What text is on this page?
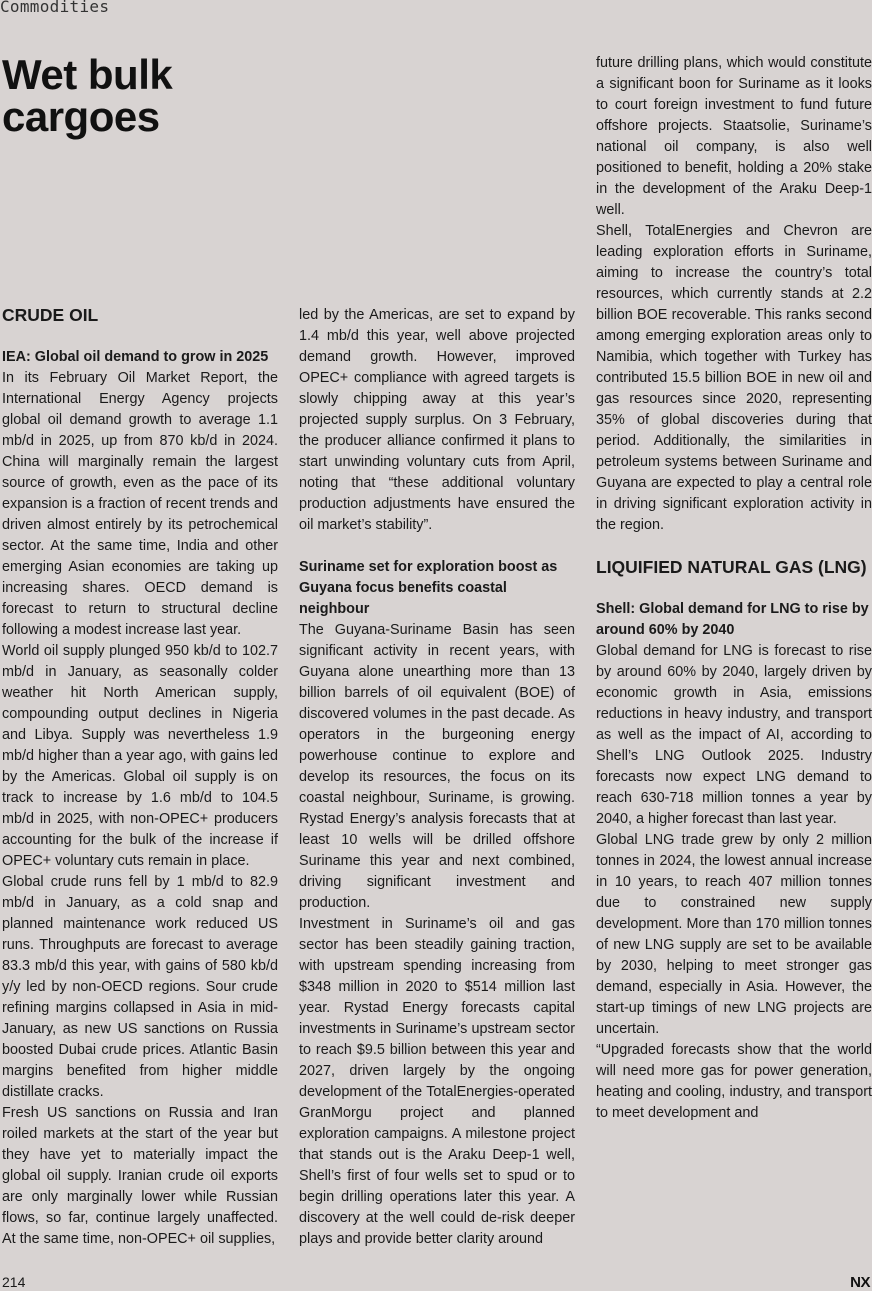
Commodities
Wet bulk
cargoes
CRUDE OIL
IEA: Global oil demand to grow in 2025

In its February Oil Market Report, the International Energy Agency projects global oil demand growth to average 1.1 mb/d in 2025, up from 870 kb/d in 2024. China will marginally remain the largest source of growth, even as the pace of its expansion is a fraction of recent trends and driven almost entirely by its petrochemical sector. At the same time, India and other emerging Asian economies are taking up increasing shares. OECD demand is forecast to return to structural decline following a modest increase last year.

World oil supply plunged 950 kb/d to 102.7 mb/d in January, as seasonally colder weather hit North American supply, compounding output declines in Nigeria and Libya. Supply was nevertheless 1.9 mb/d higher than a year ago, with gains led by the Americas. Global oil supply is on track to increase by 1.6 mb/d to 104.5 mb/d in 2025, with non-OPEC+ producers accounting for the bulk of the increase if OPEC+ voluntary cuts remain in place.

Global crude runs fell by 1 mb/d to 82.9 mb/d in January, as a cold snap and planned maintenance work reduced US runs. Throughputs are forecast to average 83.3 mb/d this year, with gains of 580 kb/d y/y led by non-OECD regions. Sour crude refining margins collapsed in Asia in mid-January, as new US sanctions on Russia boosted Dubai crude prices. Atlantic Basin margins benefited from higher middle distillate cracks.

Fresh US sanctions on Russia and Iran roiled markets at the start of the year but they have yet to materially impact the global oil supply. Iranian crude oil exports are only marginally lower while Russian flows, so far, continue largely unaffected. At the same time, non-OPEC+ oil supplies,

led by the Americas, are set to expand by 1.4 mb/d this year, well above projected demand growth. However, improved OPEC+ compliance with agreed targets is slowly chipping away at this year’s projected supply surplus. On 3 February, the producer alliance confirmed it plans to start unwinding voluntary cuts from April, noting that “these additional voluntary production adjustments have ensured the oil market’s stability”.

Suriname set for exploration boost as Guyana focus benefits coastal neighbour

The Guyana-Suriname Basin has seen significant activity in recent years, with Guyana alone unearthing more than 13 billion barrels of oil equivalent (BOE) of discovered volumes in the past decade. As operators in the burgeoning energy powerhouse continue to explore and develop its resources, the focus on its coastal neighbour, Suriname, is growing. Rystad Energy’s analysis forecasts that at least 10 wells will be drilled offshore Suriname this year and next combined, driving significant investment and production.

Investment in Suriname’s oil and gas sector has been steadily gaining traction, with upstream spending increasing from $348 million in 2020 to $514 million last year. Rystad Energy forecasts capital investments in Suriname’s upstream sector to reach $9.5 billion between this year and 2027, driven largely by the ongoing development of the TotalEnergies-operated GranMorgu project and planned exploration campaigns. A milestone project that stands out is the Araku Deep-1 well, Shell’s first of four wells set to spud or to begin drilling operations later this year. A discovery at the well could de-risk deeper plays and provide better clarity around

future drilling plans, which would constitute a significant boon for Suriname as it looks to court foreign investment to fund future offshore projects. Staatsolie, Suriname’s national oil company, is also well positioned to benefit, holding a 20% stake in the development of the Araku Deep-1 well.

Shell, TotalEnergies and Chevron are leading exploration efforts in Suriname, aiming to increase the country’s total resources, which currently stands at 2.2 billion BOE recoverable. This ranks second among emerging exploration areas only to Namibia, which together with Turkey has contributed 15.5 billion BOE in new oil and gas resources since 2020, representing 35% of global discoveries during that period. Additionally, the similarities in petroleum systems between Suriname and Guyana are expected to play a central role in driving significant exploration activity in the region.

LIQUIFIED NATURAL GAS (LNG)
Shell: Global demand for LNG to rise by around 60% by 2040

Global demand for LNG is forecast to rise by around 60% by 2040, largely driven by economic growth in Asia, emissions reductions in heavy industry, and transport as well as the impact of AI, according to Shell’s LNG Outlook 2025. Industry forecasts now expect LNG demand to reach 630-718 million tonnes a year by 2040, a higher forecast than last year.

Global LNG trade grew by only 2 million tonnes in 2024, the lowest annual increase in 10 years, to reach 407 million tonnes due to constrained new supply development. More than 170 million tonnes of new LNG supply are set to be available by 2030, helping to meet stronger gas demand, especially in Asia. However, the start-up timings of new LNG projects are uncertain.

“Upgraded forecasts show that the world will need more gas for power generation, heating and cooling, industry, and transport to meet development and

214	NX
